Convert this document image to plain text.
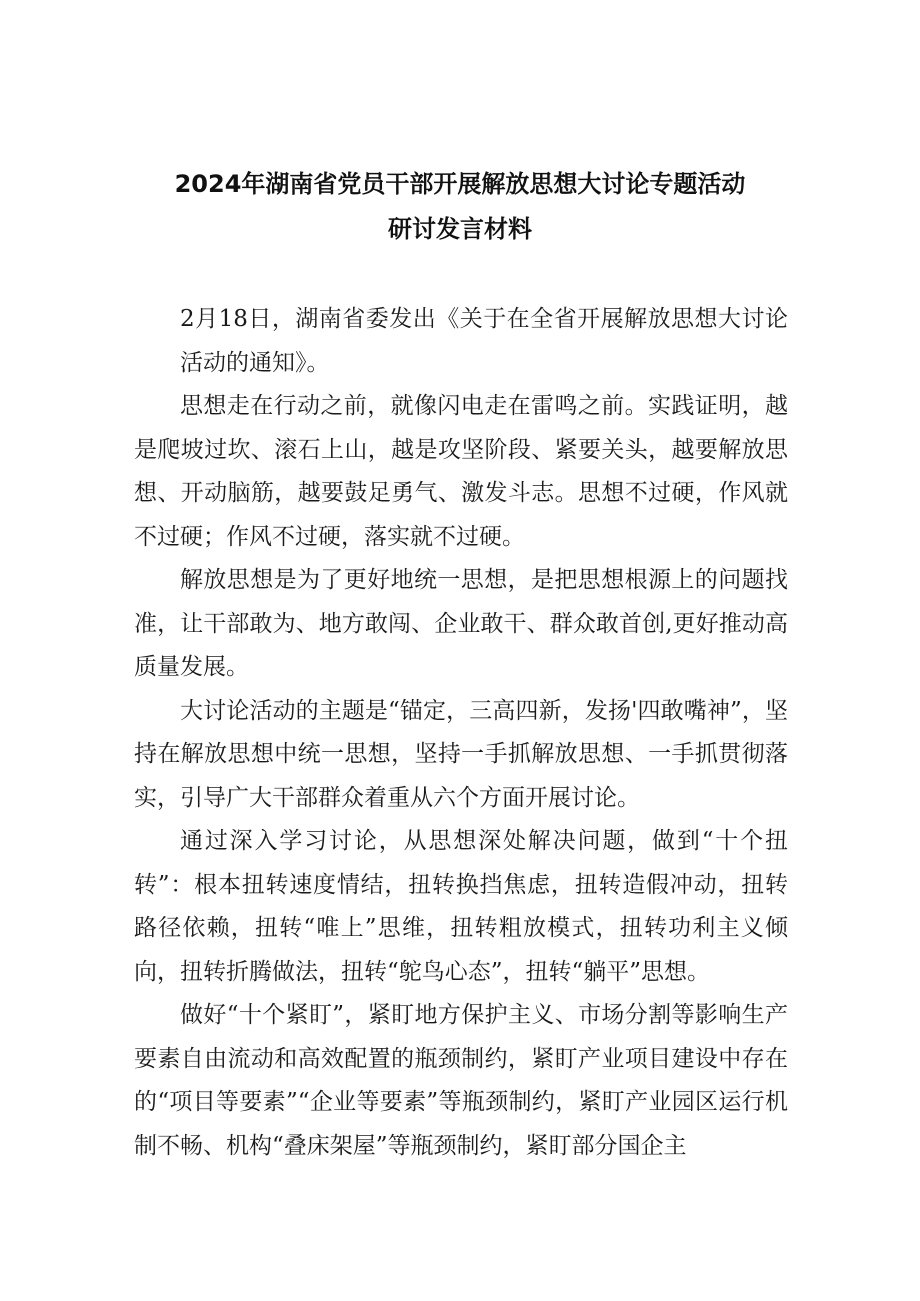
2024年湖南省党员干部开展解放思想大讨论专题活动
研讨发言材料

2月18日，湖南省委发出《关于在全省开展解放思想大讨论活动的通知》。

思想走在行动之前，就像闪电走在雷鸣之前。实践证明，越是爬坡过坎、滚石上山，越是攻坚阶段、紧要关头，越要解放思想、开动脑筋，越要鼓足勇气、激发斗志。思想不过硬，作风就不过硬；作风不过硬，落实就不过硬。

解放思想是为了更好地统一思想，是把思想根源上的问题找准，让干部敢为、地方敢闯、企业敢干、群众敢首创,更好推动高质量发展。

大讨论活动的主题是“锚定，三高四新，发扬'四敢嘴神”，坚持在解放思想中统一思想，坚持一手抓解放思想、一手抓贯彻落实，引导广大干部群众着重从六个方面开展讨论。

通过深入学习讨论，从思想深处解决问题，做到“十个扭转”：根本扭转速度情结，扭转换挡焦虑，扭转造假冲动，扭转路径依赖，扭转“唯上”思维，扭转粗放模式，扭转功利主义倾向，扭转折腾做法，扭转“鸵鸟心态”，扭转“躺平”思想。

做好“十个紧盯”，紧盯地方保护主义、市场分割等影响生产要素自由流动和高效配置的瓶颈制约，紧盯产业项目建设中存在的“项目等要素”“企业等要素”等瓶颈制约，紧盯产业园区运行机制不畅、机构“叠床架屋”等瓶颈制约，紧盯部分国企主
